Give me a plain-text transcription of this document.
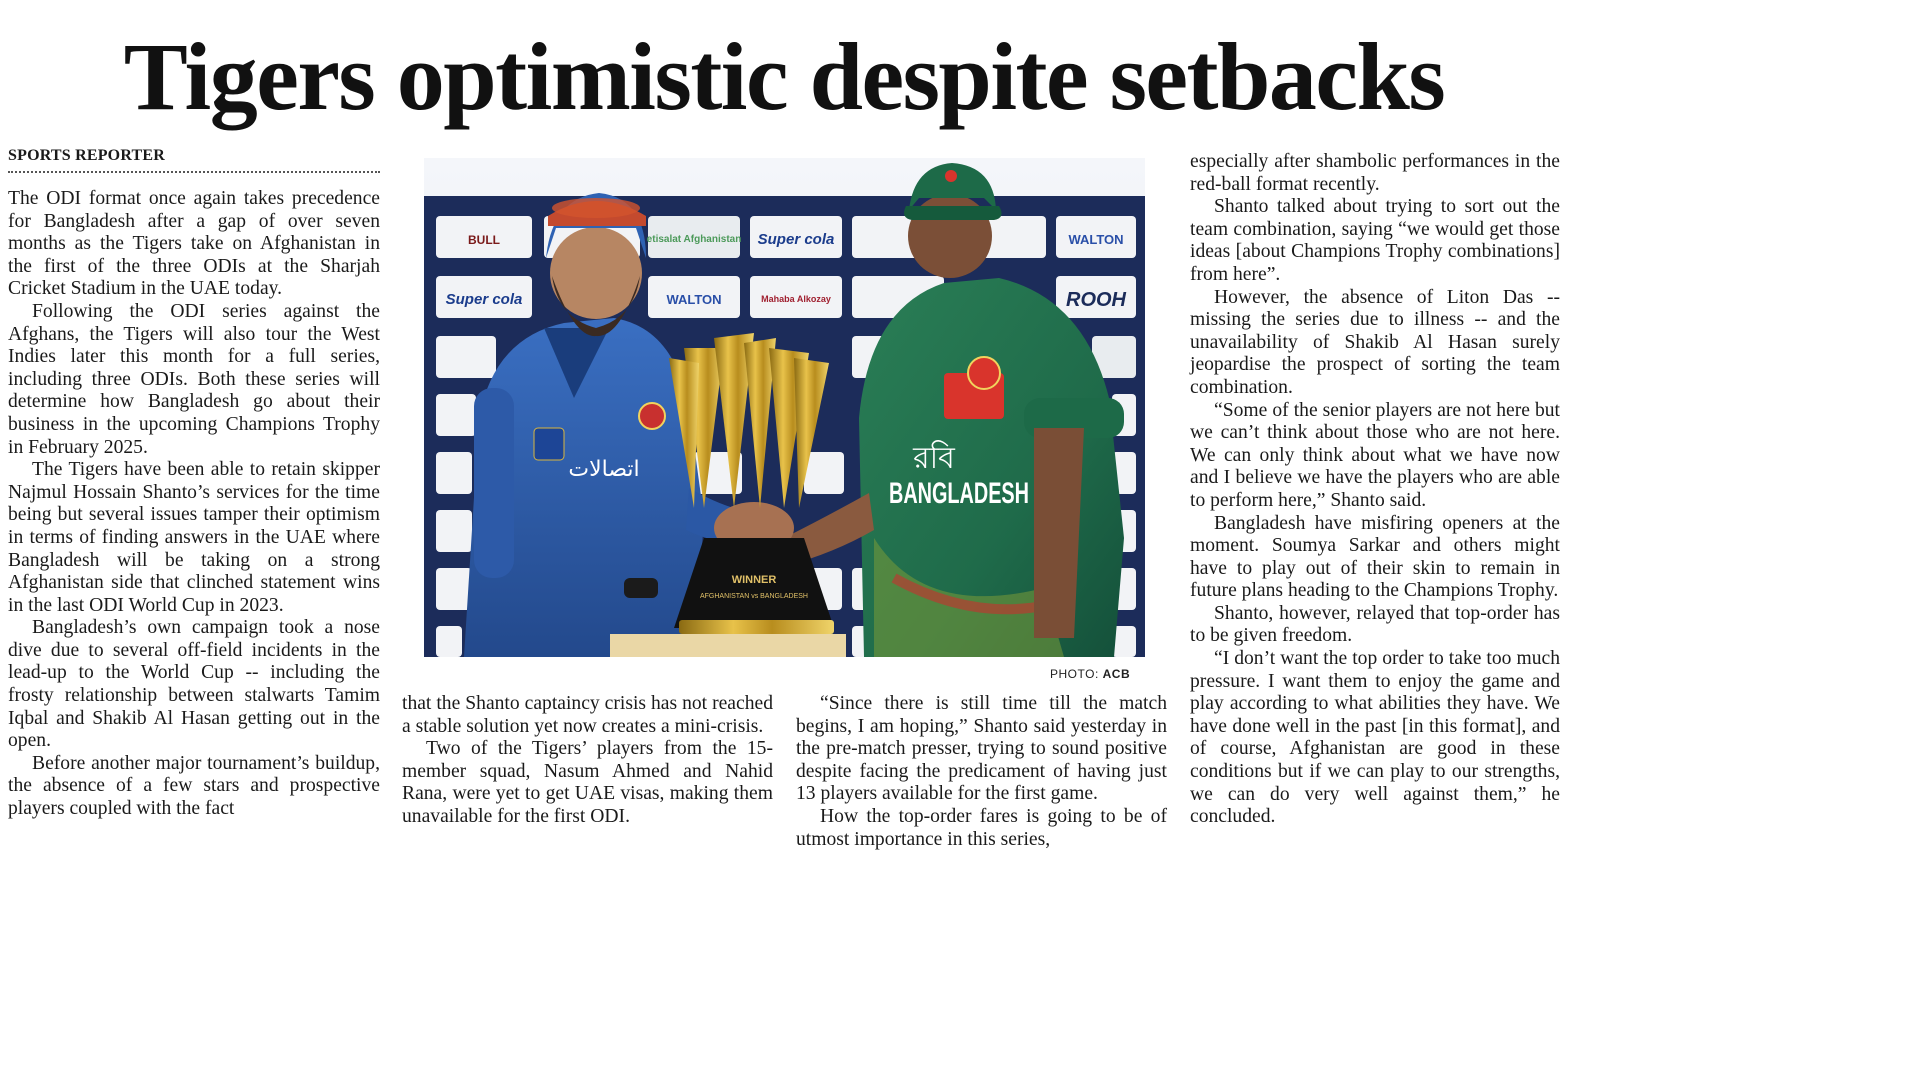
Tigers optimistic despite setbacks
SPORTS REPORTER

The ODI format once again takes precedence for Bangladesh after a gap of over seven months as the Tigers take on Afghanistan in the first of the three ODIs at the Sharjah Cricket Stadium in the UAE today.

Following the ODI series against the Afghans, the Tigers will also tour the West Indies later this month for a full series, including three ODIs. Both these series will determine how Bangladesh go about their business in the upcoming Champions Trophy in February 2025.

The Tigers have been able to retain skipper Najmul Hossain Shanto’s services for the time being but several issues tamper their optimism in terms of finding answers in the UAE where Bangladesh will be taking on a strong Afghanistan side that clinched statement wins in the last ODI World Cup in 2023.

Bangladesh’s own campaign took a nose dive due to several off-field incidents in the lead-up to the World Cup -- including the frosty relationship between stalwarts Tamim Iqbal and Shakib Al Hasan getting out in the open.

Before another major tournament’s buildup, the absence of a few stars and prospective players coupled with the fact

BULL	Super cola
etisalat Afghanistan	WALTON
Super cola	WALTON	Mahaba Alkozay	ROOH
اتصالات	রবি
BANGLADESH
WINNER
AFGHANISTAN vs BANGLADESH

PHOTO: ACB

that the Shanto captaincy crisis has not reached a stable solution yet now creates a mini-crisis.

Two of the Tigers’ players from the 15-member squad, Nasum Ahmed and Nahid Rana, were yet to get UAE visas, making them unavailable for the first ODI.

“Since there is still time till the match begins, I am hoping,” Shanto said yesterday in the pre-match presser, trying to sound positive despite facing the predicament of having just 13 players available for the first game.

How the top-order fares is going to be of utmost importance in this series,

especially after shambolic performances in the red-ball format recently.

Shanto talked about trying to sort out the team combination, saying “we would get those ideas [about Champions Trophy combinations] from here”.

However, the absence of Liton Das -- missing the series due to illness -- and the unavailability of Shakib Al Hasan surely jeopardise the prospect of sorting the team combination.

“Some of the senior players are not here but we can’t think about those who are not here. We can only think about what we have now and I believe we have the players who are able to perform here,” Shanto said.

Bangladesh have misfiring openers at the moment. Soumya Sarkar and others might have to play out of their skin to remain in future plans heading to the Champions Trophy.

Shanto, however, relayed that top-order has to be given freedom.

“I don’t want the top order to take too much pressure. I want them to enjoy the game and play according to what abilities they have. We have done well in the past [in this format], and of course, Afghanistan are good in these conditions but if we can play to our strengths, we can do very well against them,” he concluded.
